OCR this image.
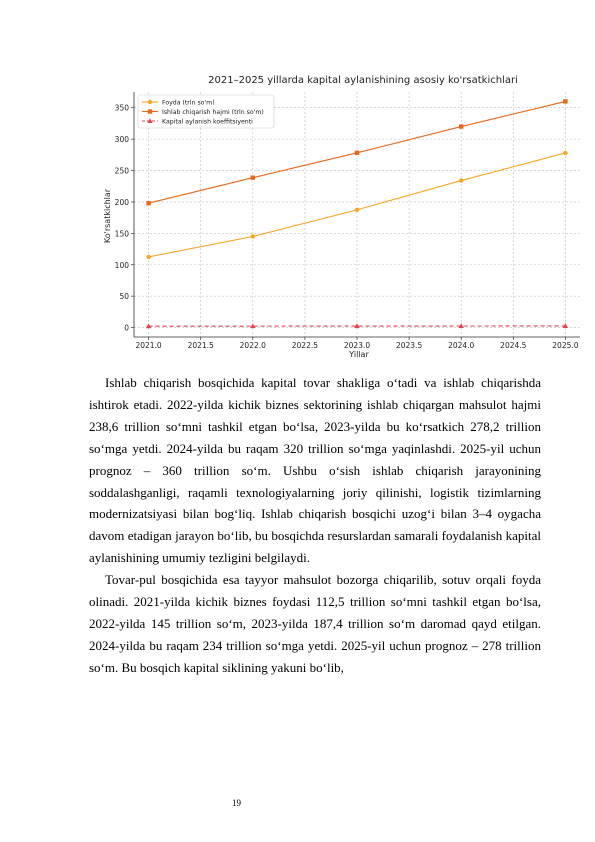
2021–2025 yillarda kapital aylanishining asosiy ko'rsatkichlari
2021.0	2021.5	2022.0	2022.5	2023.0	2023.5	2024.0	2024.5	2025.0
0
50
100
150
200
250
300
350
Yillar
Ko'rsatkichlar
Foyda (trln so'm)
Ishlab chiqarish hajmi (trln so'm)
Kapital aylanish koeffitsiyenti

Ishlab chiqarish bosqichida kapital tovar shakliga o‘tadi va ishlab chiqarishda ishtirok etadi. 2022-yilda kichik biznes sektorining ishlab chiqargan mahsulot hajmi 238,6 trillion so‘mni tashkil etgan bo‘lsa, 2023-yilda bu ko‘rsatkich 278,2 trillion so‘mga yetdi. 2024-yilda bu raqam 320 trillion so‘mga yaqinlashdi. 2025-yil uchun prognoz – 360 trillion so‘m. Ushbu o‘sish ishlab chiqarish jarayonining soddalashganligi, raqamli texnologiyalarning joriy qilinishi, logistik tizimlarning modernizatsiyasi bilan bog‘liq. Ishlab chiqarish bosqichi uzog‘i bilan 3–4 oygacha davom etadigan jarayon bo‘lib, bu bosqichda resurslardan samarali foydalanish kapital aylanishining umumiy tezligini belgilaydi.

Tovar-pul bosqichida esa tayyor mahsulot bozorga chiqarilib, sotuv orqali foyda olinadi. 2021-yilda kichik biznes foydasi 112,5 trillion so‘mni tashkil etgan bo‘lsa, 2022-yilda 145 trillion so‘m, 2023-yilda 187,4 trillion so‘m daromad qayd etilgan. 2024-yilda bu raqam 234 trillion so‘mga yetdi. 2025-yil uchun prognoz – 278 trillion so‘m. Bu bosqich kapital siklining yakuni bo‘lib,

19
